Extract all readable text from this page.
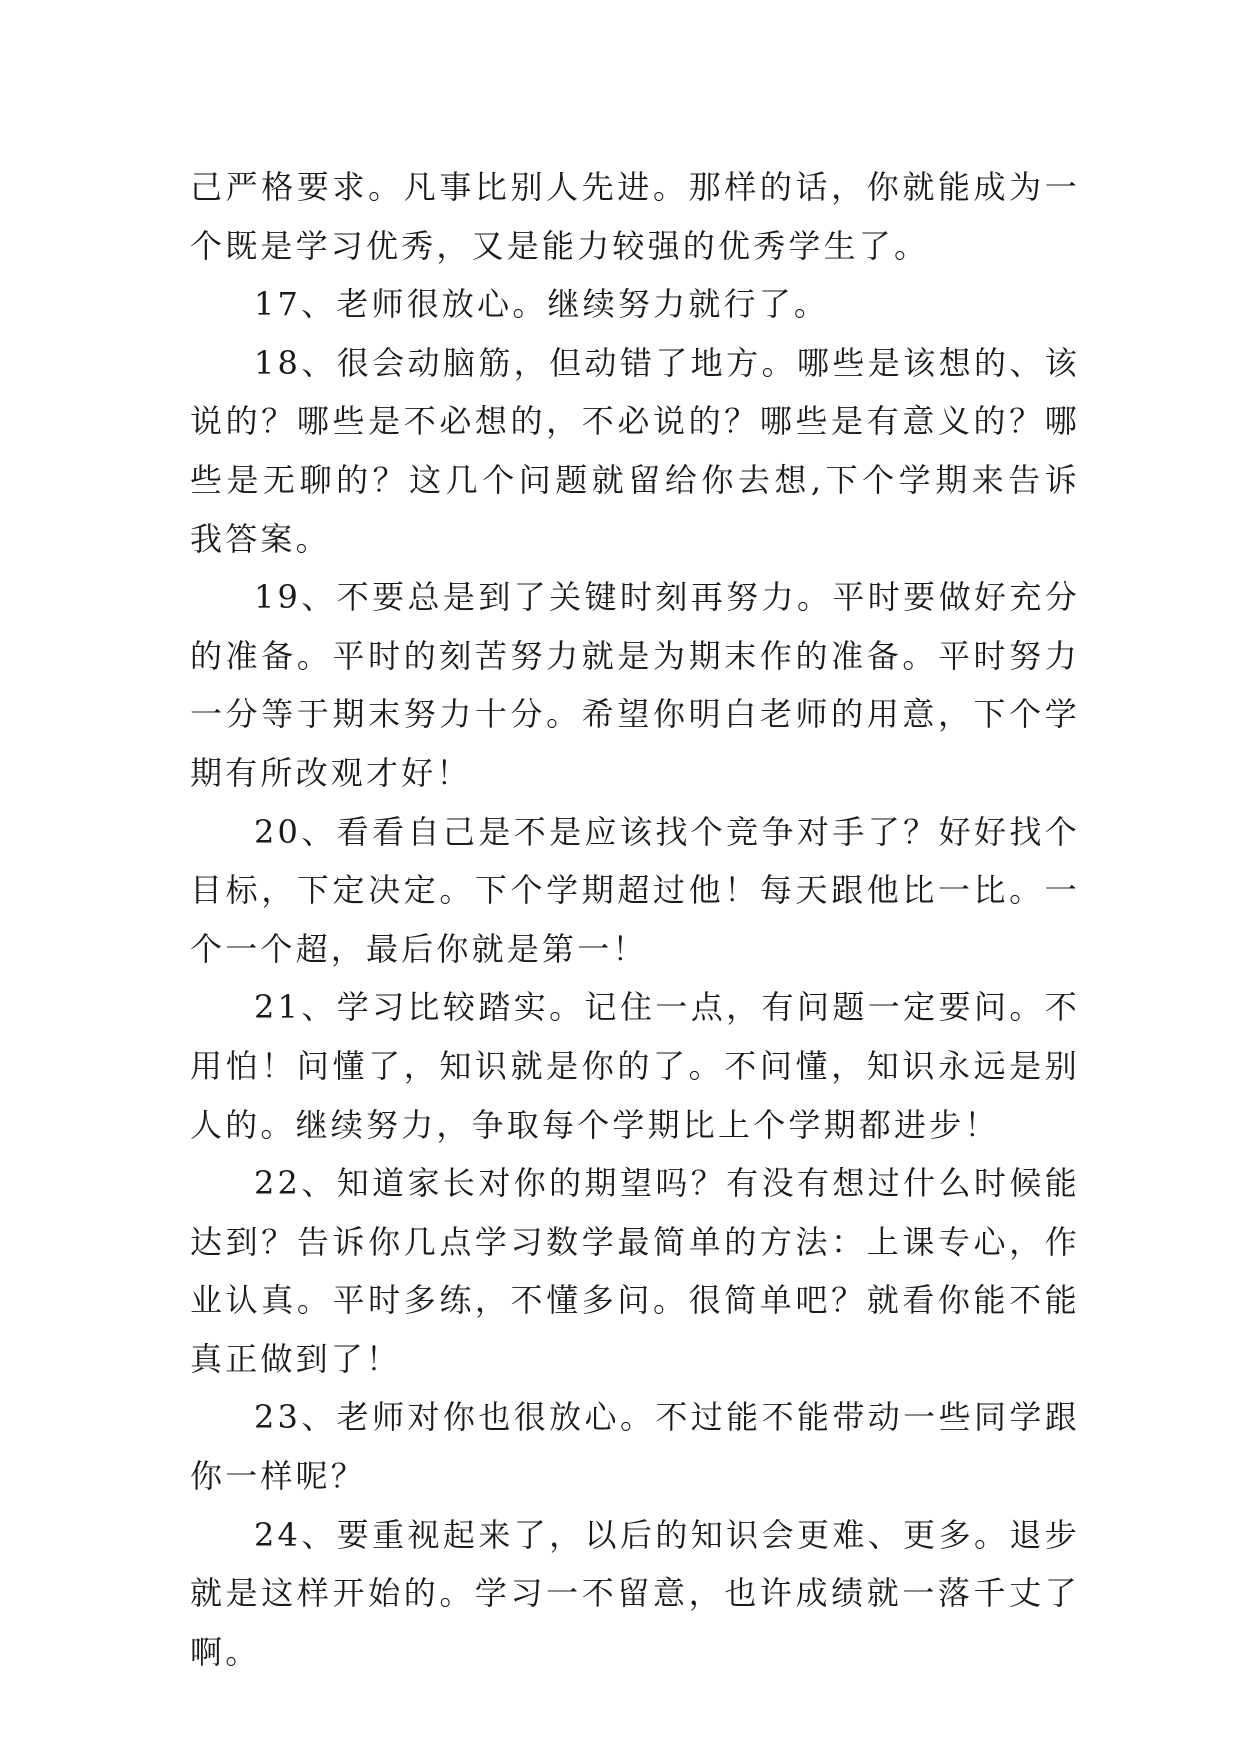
己严格要求。凡事比别人先进。那样的话，你就能成为一个既是学习优秀，又是能力较强的优秀学生了。

17、老师很放心。继续努力就行了。

18、很会动脑筋，但动错了地方。哪些是该想的、该说的？哪些是不必想的，不必说的？哪些是有意义的？哪些是无聊的？这几个问题就留给你去想,下个学期来告诉我答案。

19、不要总是到了关键时刻再努力。平时要做好充分的准备。平时的刻苦努力就是为期末作的准备。平时努力一分等于期末努力十分。希望你明白老师的用意，下个学期有所改观才好！

20、看看自己是不是应该找个竞争对手了？好好找个目标，下定决定。下个学期超过他！每天跟他比一比。一个一个超，最后你就是第一！

21、学习比较踏实。记住一点，有问题一定要问。不用怕！问懂了，知识就是你的了。不问懂，知识永远是别人的。继续努力，争取每个学期比上个学期都进步！

22、知道家长对你的期望吗？有没有想过什么时候能达到？告诉你几点学习数学最简单的方法：上课专心，作业认真。平时多练，不懂多问。很简单吧？就看你能不能真正做到了！

23、老师对你也很放心。不过能不能带动一些同学跟你一样呢？

24、要重视起来了，以后的知识会更难、更多。退步就是这样开始的。学习一不留意，也许成绩就一落千丈了啊。
